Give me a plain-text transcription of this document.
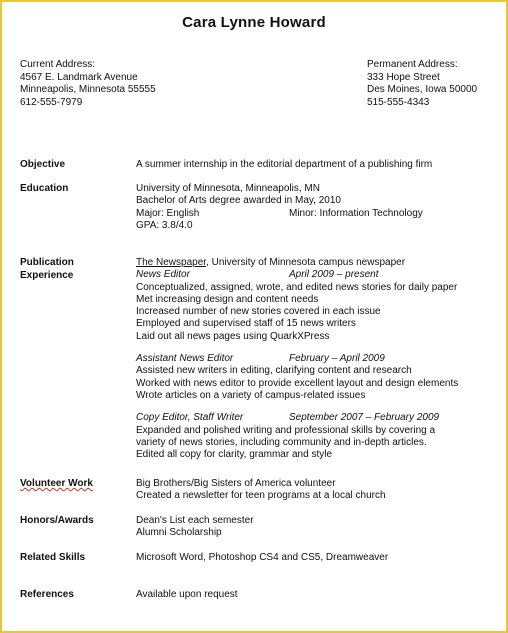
Cara Lynne Howard
Current Address:
4567 E. Landmark Avenue
Minneapolis, Minnesota 55555
612-555-7979
Permanent Address:
333 Hope Street
Des Moines, Iowa 50000
515-555-4343
Objective	A summer internship in the editorial department of a publishing firm
Education	University of Minnesota, Minneapolis, MN
Bachelor of Arts degree awarded in May, 2010
Major: English	Minor: Information Technology
GPA: 3.8/4.0
Publication
Experience
The Newspaper, University of Minnesota campus newspaper
News Editor	April 2009 – present
Conceptualized, assigned, wrote, and edited news stories for daily paper
Met increasing design and content needs
Increased number of new stories covered in each issue
Employed and supervised staff of 15 news writers
Laid out all news pages using QuarkXPress
Assistant News Editor	February – April 2009
Assisted new writers in editing, clarifying content and research
Worked with news editor to provide excellent layout and design elements
Wrote articles on a variety of campus-related issues
Copy Editor, Staff Writer	September 2007 – February 2009
Expanded and polished writing and professional skills by covering a
variety of news stories, including community and in-depth articles.
Edited all copy for clarity, grammar and style
Volunteer Work	Big Brothers/Big Sisters of America volunteer
Created a newsletter for teen programs at a local church
Honors/Awards	Dean's List each semester
Alumni Scholarship
Related Skills	Microsoft Word, Photoshop CS4 and CS5, Dreamweaver
References	Available upon request
